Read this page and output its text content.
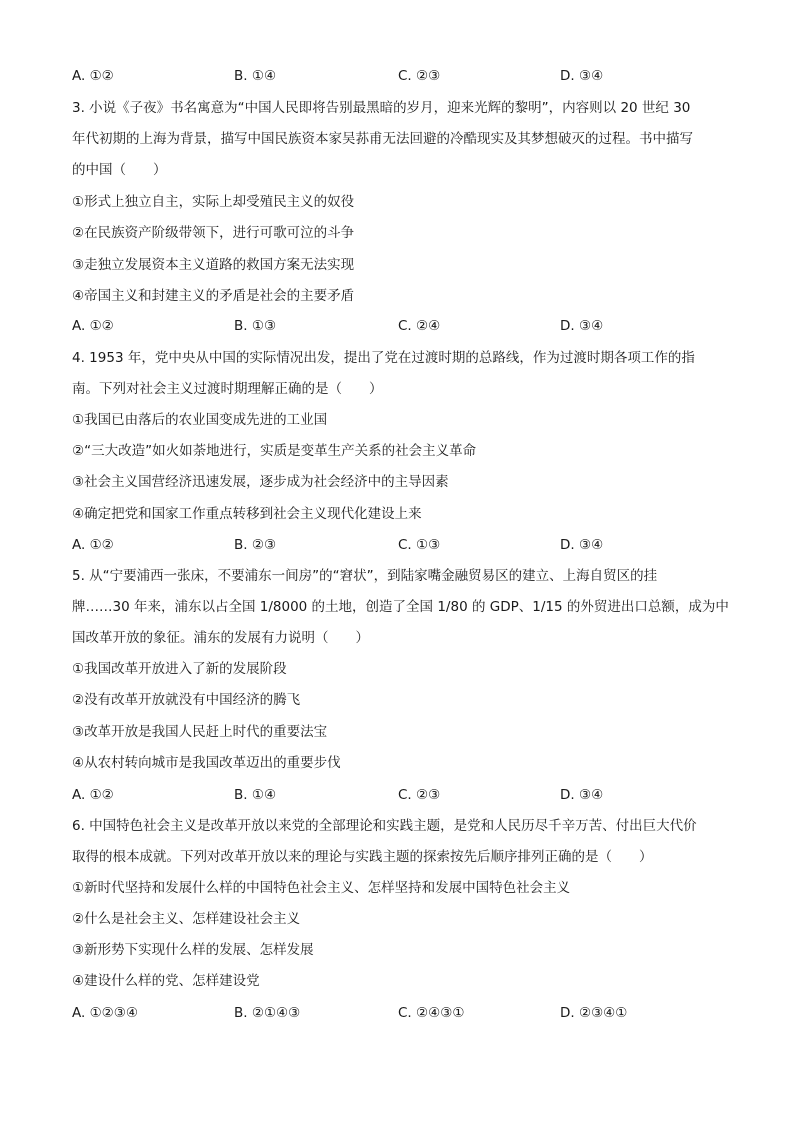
A. ①②	B. ①④	C. ②③	D. ③④
3. 小说《子夜》书名寓意为“中国人民即将告别最黑暗的岁月，迎来光辉的黎明”，内容则以 20 世纪 30
年代初期的上海为背景，描写中国民族资本家吴荪甫无法回避的冷酷现实及其梦想破灭的过程。书中描写
的中国（　　）
①形式上独立自主，实际上却受殖民主义的奴役
②在民族资产阶级带领下，进行可歌可泣的斗争
③走独立发展资本主义道路的救国方案无法实现
④帝国主义和封建主义的矛盾是社会的主要矛盾
A. ①②	B. ①③	C. ②④	D. ③④
4. 1953 年，党中央从中国的实际情况出发，提出了党在过渡时期的总路线，作为过渡时期各项工作的指
南。下列对社会主义过渡时期理解正确的是（　　）
①我国已由落后的农业国变成先进的工业国
②“三大改造”如火如荼地进行，实质是变革生产关系的社会主义革命
③社会主义国营经济迅速发展，逐步成为社会经济中的主导因素
④确定把党和国家工作重点转移到社会主义现代化建设上来
A. ①②	B. ②③	C. ①③	D. ③④
5. 从“宁要浦西一张床，不要浦东一间房”的“窘状”，到陆家嘴金融贸易区的建立、上海自贸区的挂
牌……30 年来，浦东以占全国 1/8000 的土地，创造了全国 1/80 的 GDP、1/15 的外贸进出口总额，成为中
国改革开放的象征。浦东的发展有力说明（　　）
①我国改革开放进入了新的发展阶段
②没有改革开放就没有中国经济的腾飞
③改革开放是我国人民赶上时代的重要法宝
④从农村转向城市是我国改革迈出的重要步伐
A. ①②	B. ①④	C. ②③	D. ③④
6. 中国特色社会主义是改革开放以来党的全部理论和实践主题，是党和人民历尽千辛万苦、付出巨大代价
取得的根本成就。下列对改革开放以来的理论与实践主题的探索按先后顺序排列正确的是（　　）
①新时代坚持和发展什么样的中国特色社会主义、怎样坚持和发展中国特色社会主义
②什么是社会主义、怎样建设社会主义
③新形势下实现什么样的发展、怎样发展
④建设什么样的党、怎样建设党
A. ①②③④	B. ②①④③	C. ②④③①	D. ②③④①
